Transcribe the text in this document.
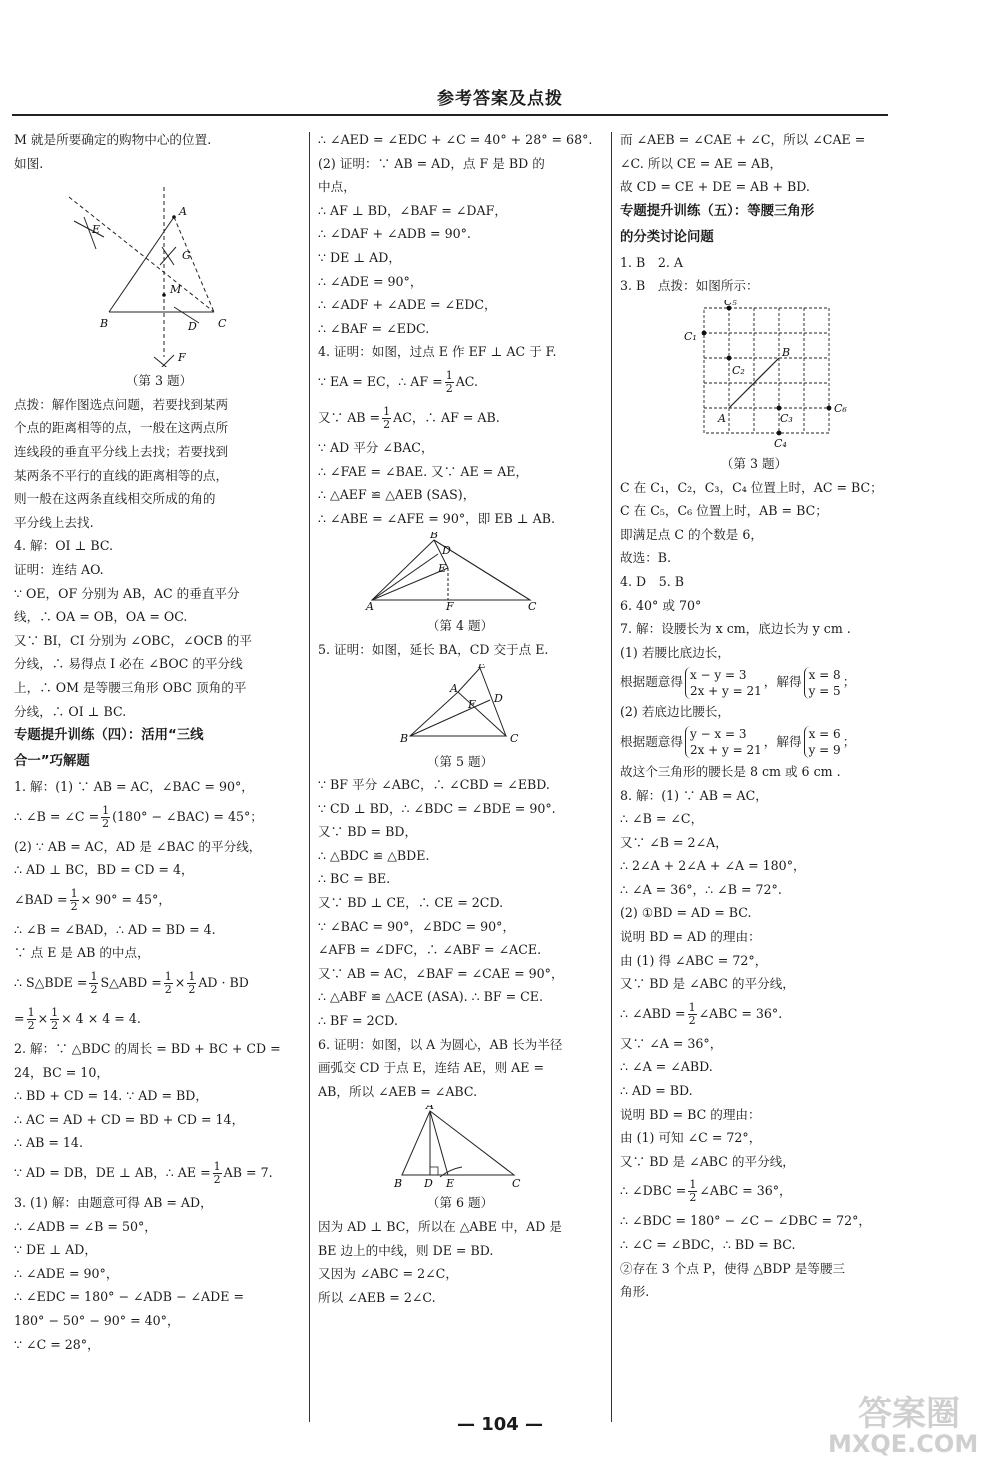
参考答案及点拨
M 就是所要确定的购物中心的位置.
如图.
A
E
G
M
B	D C
F
（第 3 题）
点拨：解作图选点问题，若要找到某两
个点的距离相等的点，一般在这两点所
连线段的垂直平分线上去找；若要找到
某两条不平行的直线的距离相等的点，
则一般在这两条直线相交所成的角的
平分线上去找.
4. 解：OI ⊥ BC.
证明：连结 AO.
∵ OE，OF 分别为 AB，AC 的垂直平分
线，∴ OA = OB，OA = OC.
又∵ BI，CI 分别为 ∠OBC，∠OCB 的平
分线，∴ 易得点 I 必在 ∠BOC 的平分线
上，∴ OM 是等腰三角形 OBC 顶角的平
分线，∴ OI ⊥ BC.
专题提升训练（四）：活用“三线
合一”巧解题
1. 解：(1) ∵ AB = AC，∠BAC = 90°，
∴ ∠B = ∠C = $\frac{1}{2} (180^\circ$ − ∠BAC) = 45°；
(2) ∵ AB = AC，AD 是 ∠BAC 的平分线，
∴ AD ⊥ BC，BD = CD = 4，
∠BAD = $\frac{1}{2} \times 90^\circ = 45^\circ$，
∴ ∠B = ∠BAD，∴ AD = BD = 4.
∵ 点 E 是 AB 的中点，
∴ S△BDE = $\frac{1}{2}$ S△ABD = $\frac{1}{2} \times \frac{1}{2}$ AD · BD
= $\frac{1}{2} \times \frac{1}{2} \times 4 \times 4 = 4$.
2. 解：∵ △BDC 的周长 = BD + BC + CD =
24，BC = 10，
∴ BD + CD = 14. ∵ AD = BD，
∴ AC = AD + CD = BD + CD = 14，
∴ AB = 14.
∵ AD = DB，DE ⊥ AB，∴ AE = $\frac{1}{2}$ AB = 7.
3. (1) 解：由题意可得 AB = AD，
∴ ∠ADB = ∠B = 50°，
∵ DE ⊥ AD，
∴ ∠ADE = 90°，
∴ ∠EDC = 180° − ∠ADB − ∠ADE =
180° − 50° − 90° = 40°，
∵ ∠C = 28°，
∴ ∠AED = ∠EDC + ∠C = 40° + 28° = 68°.
(2) 证明：∵ AB = AD，点 F 是 BD 的
中点，
∴ AF ⊥ BD，∠BAF = ∠DAF，
∴ ∠DAF + ∠ADB = 90°.
∵ DE ⊥ AD，
∴ ∠ADE = 90°，
∴ ∠ADF + ∠ADE = ∠EDC，
∴ ∠BAF = ∠EDC.
4. 证明：如图，过点 E 作 EF ⊥ AC 于 F.
∵ EA = EC，∴ AF = $\frac{1}{2}$ AC.
又∵ AB = $\frac{1}{2}$ AC，∴ AF = AB.
∵ AD 平分 ∠BAC，
∴ ∠FAE = ∠BAE. 又∵ AE = AE，
∴ △AEF ≌ △AEB (SAS)，
∴ ∠ABE = ∠AFE = 90°，即 EB ⊥ AB.
B
D
E
A	F	C
（第 4 题）
5. 证明：如图，延长 BA，CD 交于点 E.
E
A
F D
B	C
（第 5 题）
∵ BF 平分 ∠ABC，∴ ∠CBD = ∠EBD.
∵ CD ⊥ BD，∴ ∠BDC = ∠BDE = 90°.
又∵ BD = BD，
∴ △BDC ≌ △BDE.
∴ BC = BE.
又∵ BD ⊥ CE，∴ CE = 2CD.
∵ ∠BAC = 90°，∠BDC = 90°，
∠AFB = ∠DFC，∴ ∠ABF = ∠ACE.
又∵ AB = AC，∠BAF = ∠CAE = 90°，
∴ △ABF ≌ △ACE (ASA). ∴ BF = CE.
∴ BF = 2CD.
6. 证明：如图，以 A 为圆心，AB 长为半径
画弧交 CD 于点 E，连结 AE，则 AE =
AB，所以 ∠AEB = ∠ABC.
A
B D E	C
（第 6 题）
因为 AD ⊥ BC，所以在 △ABE 中，AD 是
BE 边上的中线，则 DE = BD.
又因为 ∠ABC = 2∠C，
所以 ∠AEB = 2∠C.
而 ∠AEB = ∠CAE + ∠C，所以 ∠CAE =
∠C. 所以 CE = AE = AB，
故 CD = CE + DE = AB + BD.
专题提升训练（五）：等腰三角形
的分类讨论问题
1. B　2. A
3. B　点拨：如图所示：
C₅
C₁
B
C₂
A	C₃
C₆
C₄
（第 3 题）
C 在 C₁，C₂，C₃，C₄ 位置上时，AC = BC；
C 在 C₅，C₆ 位置上时，AB = BC；
即满足点 C 的个数是 6，
故选：B.
4. D　5. B
6. 40° 或 70°
7. 解：设腰长为 x cm，底边长为 y cm .
(1) 若腰比底边长，
根据题意得 x − y = 3
2x + y = 21
，解得 x = 8
y = 5
；
(2) 若底边比腰长，
根据题意得 y − x = 3
2x + y = 21
，解得 x = 6
y = 9
；
故这个三角形的腰长是 8 cm 或 6 cm .
8. 解：(1) ∵ AB = AC，
∴ ∠B = ∠C，
又∵ ∠B = 2∠A，
∴ 2∠A + 2∠A + ∠A = 180°，
∴ ∠A = 36°，∴ ∠B = 72°.
(2) ①BD = AD = BC.
说明 BD = AD 的理由：
由 (1) 得 ∠ABC = 72°，
又∵ BD 是 ∠ABC 的平分线，
∴ ∠ABD = $\frac{1}{2}$ ∠ABC = 36°.
又∵ ∠A = 36°，
∴ ∠A = ∠ABD.
∴ AD = BD.
说明 BD = BC 的理由：
由 (1) 可知 ∠C = 72°，
又∵ BD 是 ∠ABC 的平分线，
∴ ∠DBC = $\frac{1}{2}$ ∠ABC = 36°，
∴ ∠BDC = 180° − ∠C − ∠DBC = 72°，
∴ ∠C = ∠BDC，∴ BD = BC.
②存在 3 个点 P，使得 △BDP 是等腰三
角形.
— 104 —	答案圈
MXQE.COM
